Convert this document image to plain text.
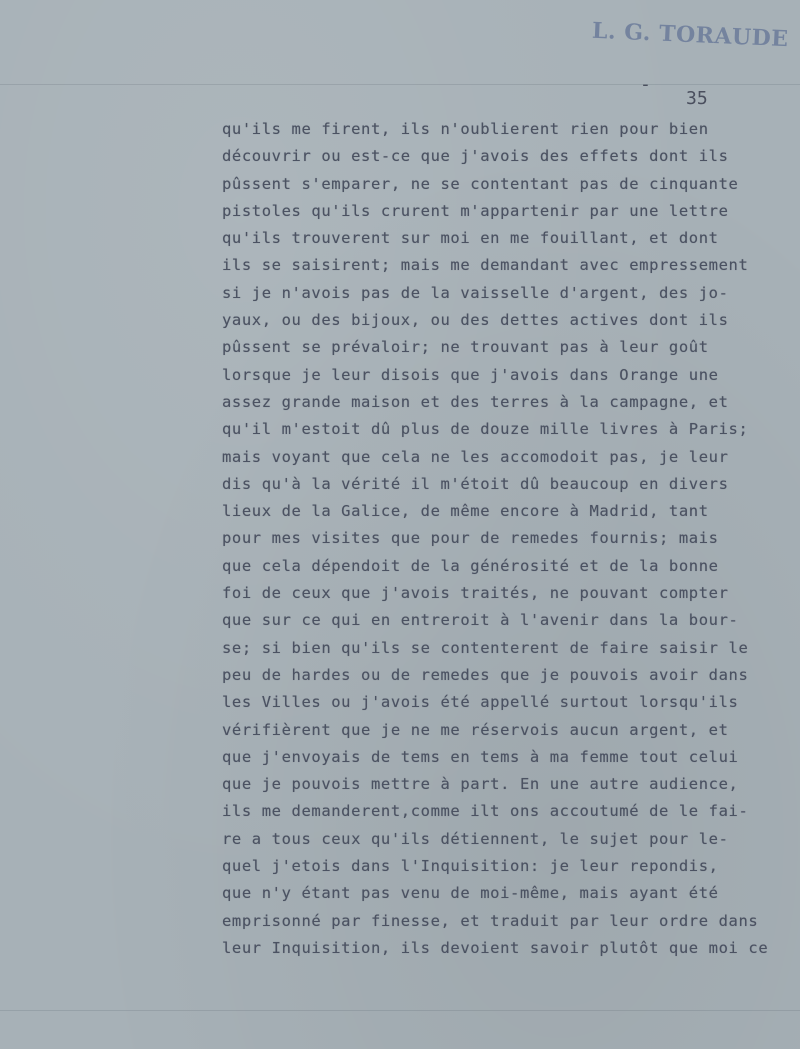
L. G. TORAUDE
-
35
qu'ils me firent, ils n'oublierent rien pour bien
découvrir ou est-ce que j'avois des effets dont ils
pûssent s'emparer, ne se contentant pas de cinquante
pistoles qu'ils crurent m'appartenir par une lettre
qu'ils trouverent sur moi en me fouillant, et dont
ils se saisirent; mais me demandant avec empressement
si je n'avois pas de la vaisselle d'argent, des jo-
yaux, ou des bijoux, ou des dettes actives dont ils
pûssent se prévaloir; ne trouvant pas à leur goût
lorsque je leur disois que j'avois dans Orange une
assez grande maison et des terres à la campagne, et
qu'il m'estoit dû plus de douze mille livres à Paris;
mais voyant que cela ne les accomodoit pas, je leur
dis qu'à la vérité il m'étoit dû beaucoup en divers
lieux de la Galice, de même encore à Madrid, tant
pour mes visites que pour de remedes fournis; mais
que cela dépendoit de la générosité et de la bonne
foi de ceux que j'avois traités, ne pouvant compter
que sur ce qui en entreroit à l'avenir dans la bour-
se; si bien qu'ils se contenterent de faire saisir le
peu de hardes ou de remedes que je pouvois avoir dans
les Villes ou j'avois été appellé surtout lorsqu'ils
vérifièrent que je ne me réservois aucun argent, et
que j'envoyais de tems en tems à ma femme tout celui
que je pouvois mettre à part. En une autre audience,
ils me demanderent,comme ilt ons accoutumé de le fai-
re a tous ceux qu'ils détiennent, le sujet pour le-
quel j'etois dans l'Inquisition: je leur repondis,
que n'y étant pas venu de moi-même, mais ayant été
emprisonné par finesse, et traduit par leur ordre dans
leur Inquisition, ils devoient savoir plutôt que moi ce
